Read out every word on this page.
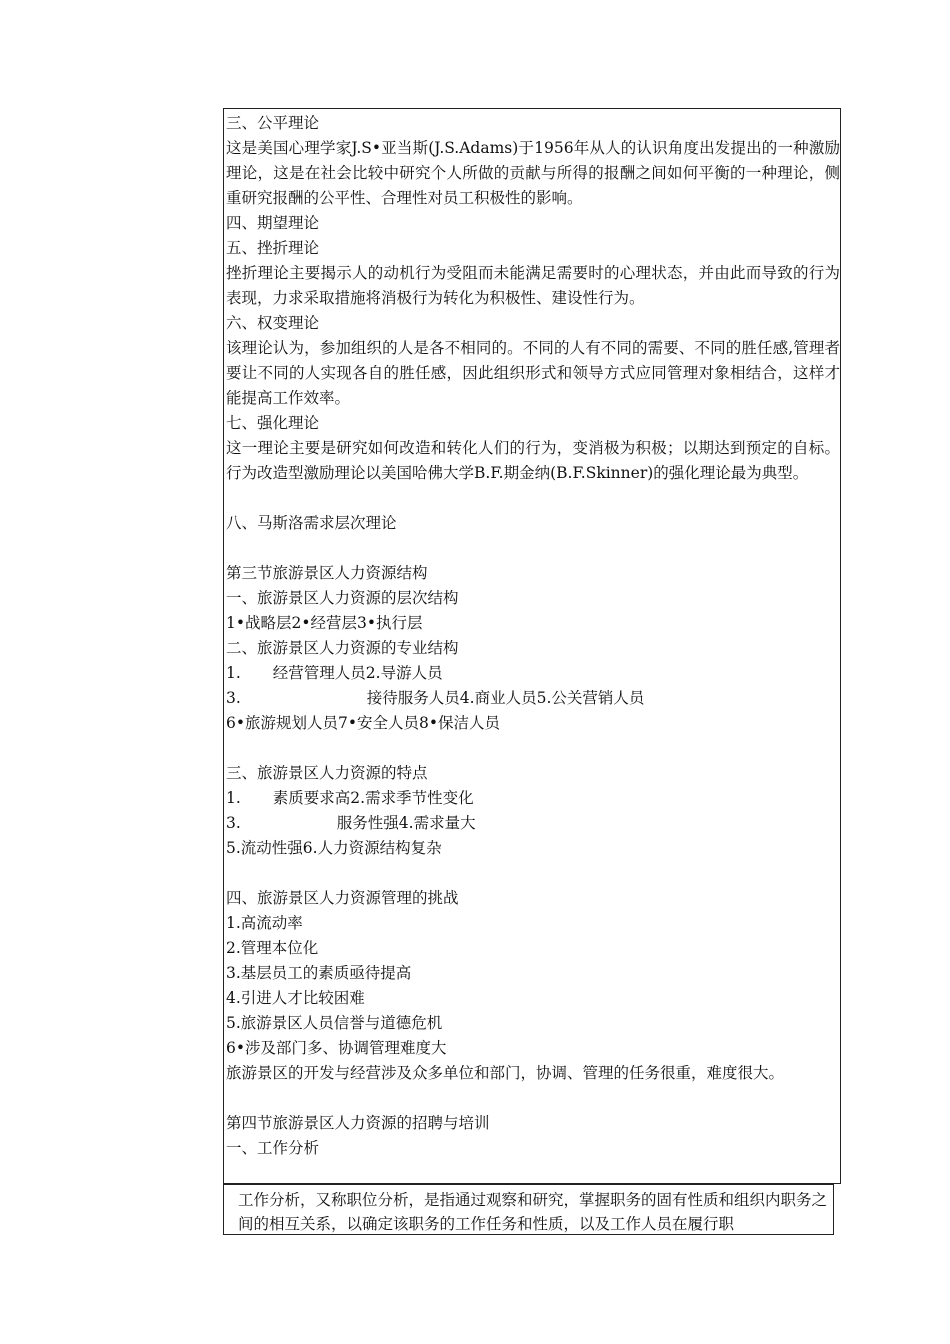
三、公平理论
这是美国心理学家J.S•亚当斯(J.S.Adams)于1956年从人的认识角度出发提出的一种激励理论，这是在社会比较中研究个人所做的贡献与所得的报酬之间如何平衡的一种理论，侧重研究报酬的公平性、合理性对员工积极性的影响。
四、期望理论
五、挫折理论
挫折理论主要揭示人的动机行为受阻而未能满足需要时的心理状态，并由此而导致的行为表现，力求采取措施将消极行为转化为积极性、建设性行为。
六、权变理论
该理论认为，参加组织的人是各不相同的。不同的人有不同的需要、不同的胜任感,管理者要让不同的人实现各自的胜任感，因此组织形式和领导方式应同管理对象相结合，这样才能提高工作效率。
七、强化理论
这一理论主要是研究如何改造和转化人们的行为，变消极为积极；以期达到预定的自标。行为改造型激励理论以美国哈佛大学B.F.期金纳(B.F.Skinner)的强化理论最为典型。
八、马斯洛需求层次理论
第三节旅游景区人力资源结构
一、旅游景区人力资源的层次结构
1•战略层2•经营层3•执行层
二、旅游景区人力资源的专业结构
1. 经营管理人员2.导游人员
3.	接待服务人员4.商业人员5.公关营销人员
6•旅游规划人员7•安全人员8•保洁人员
三、旅游景区人力资源的特点
1. 素质要求高2.需求季节性变化
3.	服务性强4.需求量大
5.流动性强6.人力资源结构复杂
四、旅游景区人力资源管理的挑战
1.高流动率
2.管理本位化
3.基层员工的素质亟待提高
4.引进人才比较困难
5.旅游景区人员信誉与道德危机
6•涉及部门多、协调管理难度大
旅游景区的开发与经营涉及众多单位和部门，协调、管理的任务很重，难度很大。
第四节旅游景区人力资源的招聘与培训
一、工作分析
工作分析，又称职位分析，是指通过观察和研究，掌握职务的固有性质和组织内职务之间的相互关系，以确定该职务的工作任务和性质，以及工作人员在履行职
